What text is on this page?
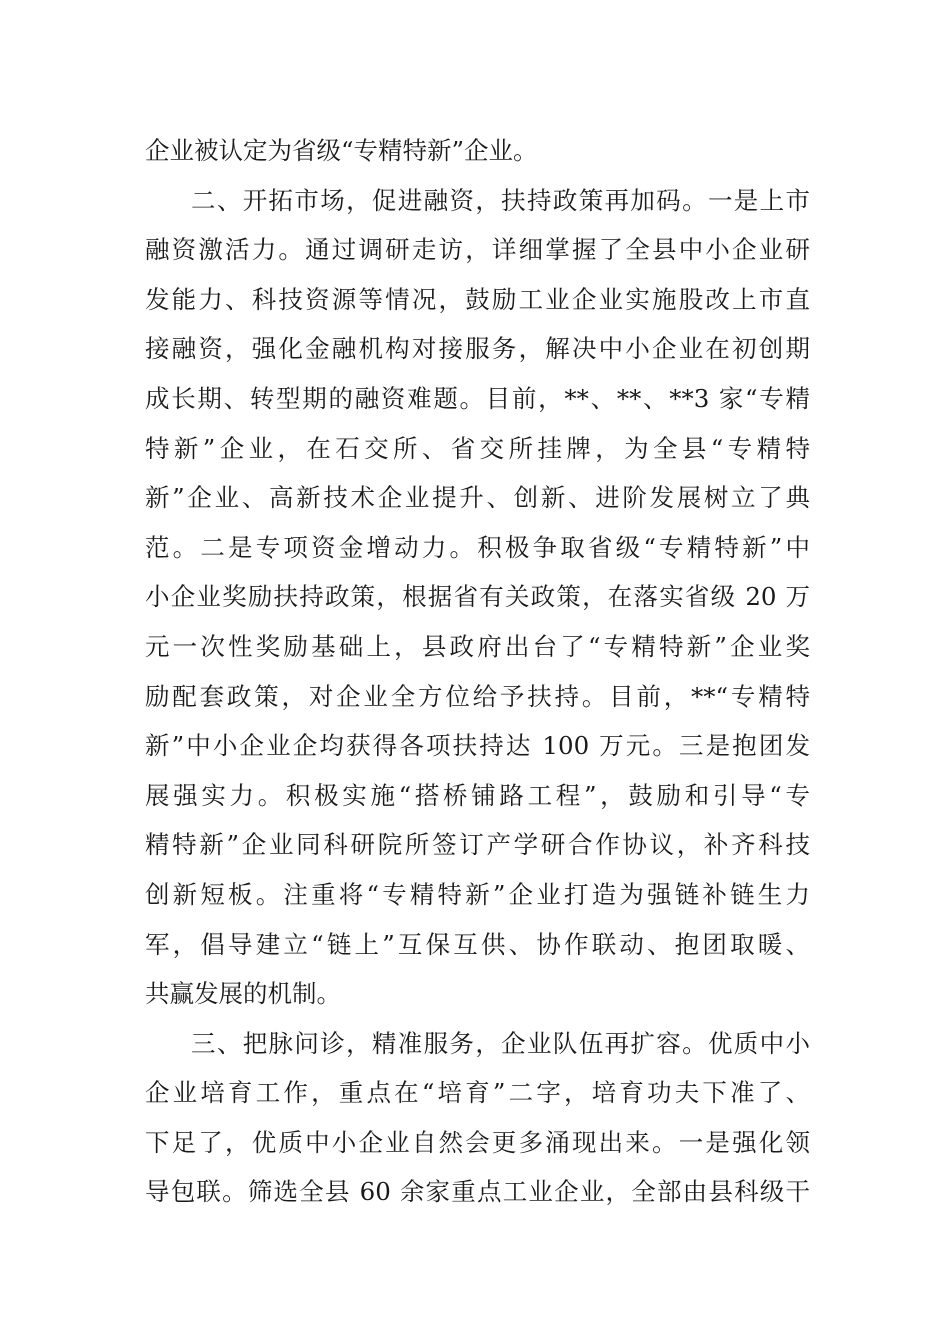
企业被认定为省级“专精特新”企业。
二、开拓市场，促进融资，扶持政策再加码。一是上市
融资激活力。通过调研走访，详细掌握了全县中小企业研
发能力、科技资源等情况，鼓励工业企业实施股改上市直
接融资，强化金融机构对接服务，解决中小企业在初创期
成长期、转型期的融资难题。目前，**、**、**3 家“专精
特新”企业，在石交所、省交所挂牌，为全县“专精特
新”企业、高新技术企业提升、创新、进阶发展树立了典
范。二是专项资金增动力。积极争取省级“专精特新”中
小企业奖励扶持政策，根据省有关政策，在落实省级 20 万
元一次性奖励基础上，县政府出台了“专精特新”企业奖
励配套政策，对企业全方位给予扶持。目前，**“专精特
新”中小企业企均获得各项扶持达 100 万元。三是抱团发
展强实力。积极实施“搭桥铺路工程”，鼓励和引导“专
精特新”企业同科研院所签订产学研合作协议，补齐科技
创新短板。注重将“专精特新”企业打造为强链补链生力
军，倡导建立“链上”互保互供、协作联动、抱团取暖、
共赢发展的机制。
三、把脉问诊，精准服务，企业队伍再扩容。优质中小
企业培育工作，重点在“培育”二字，培育功夫下准了、
下足了，优质中小企业自然会更多涌现出来。一是强化领
导包联。筛选全县 60 余家重点工业企业，全部由县科级干
